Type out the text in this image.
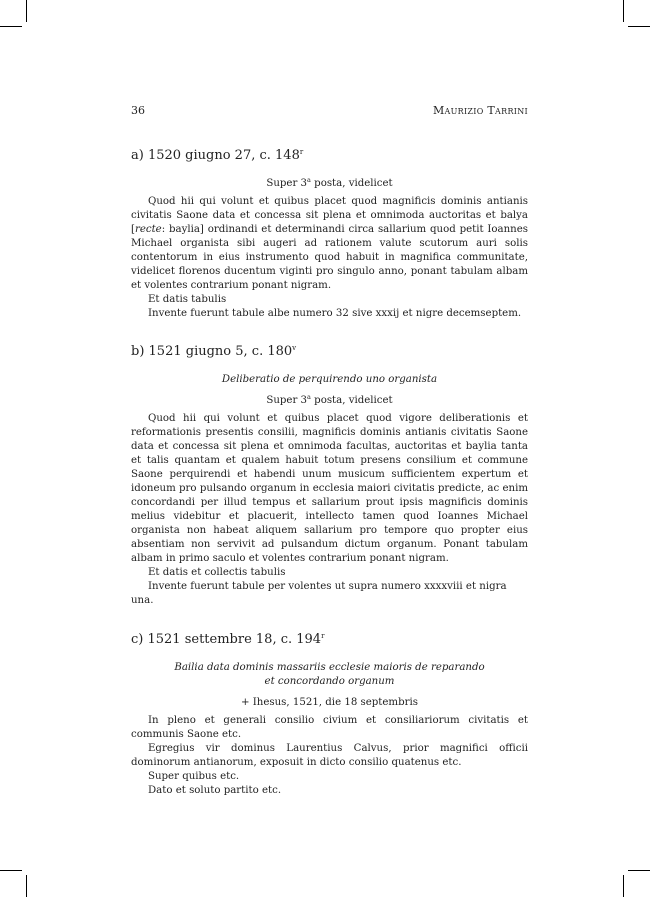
36	Maurizio Tarrini
a) 1520 giugno 27, c. 148$^r$

Super 3$^a$ posta, videlicet

Quod hii qui volunt et quibus placet quod magnificis dominis antianis civitatis Saone data et concessa sit plena et omnimoda auctoritas et balya [recte: baylia] ordinandi et determinandi circa sallarium quod petit Ioannes Michael organista sibi augeri ad rationem valute scutorum auri solis contentorum in eius instrumento quod habuit in magnifica communitate, videlicet florenos ducentum viginti pro singulo anno, ponant tabulam albam et volentes contrarium ponant nigram.

Et datis tabulis

Invente fuerunt tabule albe numero 32 sive xxxij et nigre decemseptem.

b) 1521 giugno 5, c. 180$^v$

Deliberatio de perquirendo uno organista

Super 3$^a$ posta, videlicet

Quod hii qui volunt et quibus placet quod vigore deliberationis et reformationis presentis consilii, magnificis dominis antianis civitatis Saone data et concessa sit plena et omnimoda facultas, auctoritas et baylia tanta et talis quantam et qualem habuit totum presens consilium et commune Saone perquirendi et habendi unum musicum sufficientem expertum et idoneum pro pulsando organum in ecclesia maiori civitatis predicte, ac enim concordandi per illud tempus et sallarium prout ipsis magnificis dominis melius videbitur et placuerit, intellecto tamen quod Ioannes Michael organista non habeat aliquem sallarium pro tempore quo propter eius absentiam non servivit ad pulsandum dictum organum. Ponant tabulam albam in primo saculo et volentes contrarium ponant nigram.

Et datis et collectis tabulis

Invente fuerunt tabule per volentes ut supra numero xxxxviii et nigra una.

c) 1521 settembre 18, c. 194$^r$

Bailia data dominis massariis ecclesie maioris de reparando

et concordando organum

+ Ihesus, 1521, die 18 septembris

In pleno et generali consilio civium et consiliariorum civitatis et communis Saone etc.

Egregius vir dominus Laurentius Calvus, prior magnifici officii dominorum antianorum, exposuit in dicto consilio quatenus etc.

Super quibus etc.

Dato et soluto partito etc.
